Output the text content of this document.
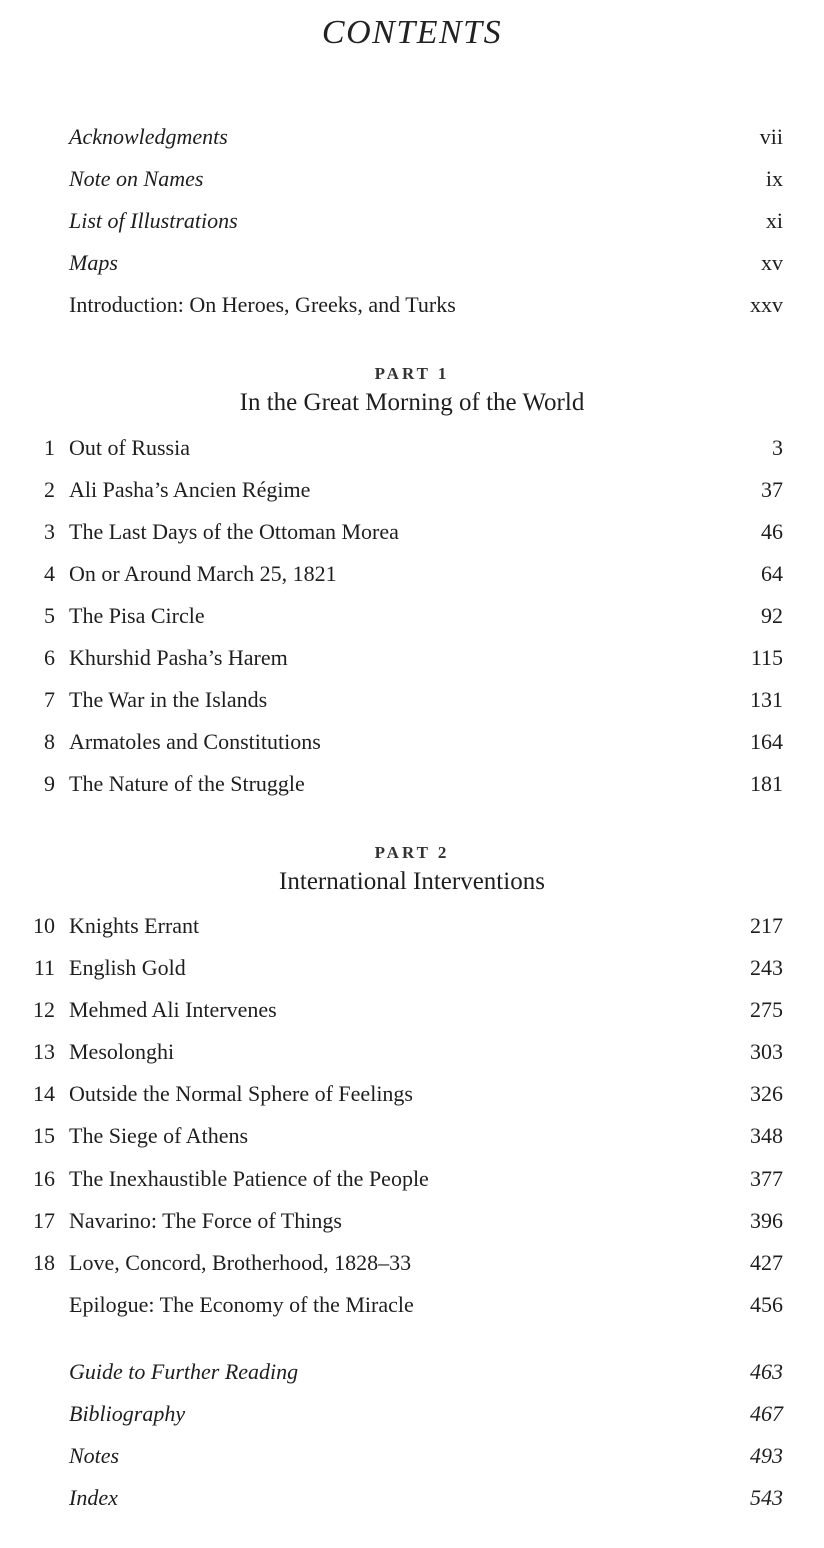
CONTENTS
Acknowledgments	vii
Note on Names	ix
List of Illustrations	xi
Maps	xv
Introduction: On Heroes, Greeks, and Turks	xxv
PART 1
In the Great Morning of the World
1 Out of Russia	3
2 Ali Pasha’s Ancien Régime	37
3 The Last Days of the Ottoman Morea	46
4 On or Around March 25, 1821	64
5 The Pisa Circle	92
6 Khurshid Pasha’s Harem	115
7 The War in the Islands	131
8 Armatoles and Constitutions	164
9 The Nature of the Struggle	181
PART 2
International Interventions
10 Knights Errant	217
11 English Gold	243
12 Mehmed Ali Intervenes	275
13 Mesolonghi	303
14 Outside the Normal Sphere of Feelings	326
15 The Siege of Athens	348
16 The Inexhaustible Patience of the People	377
17 Navarino: The Force of Things	396
18 Love, Concord, Brotherhood, 1828–33	427
Epilogue: The Economy of the Miracle	456
Guide to Further Reading	463
Bibliography	467
Notes	493
Index	543
